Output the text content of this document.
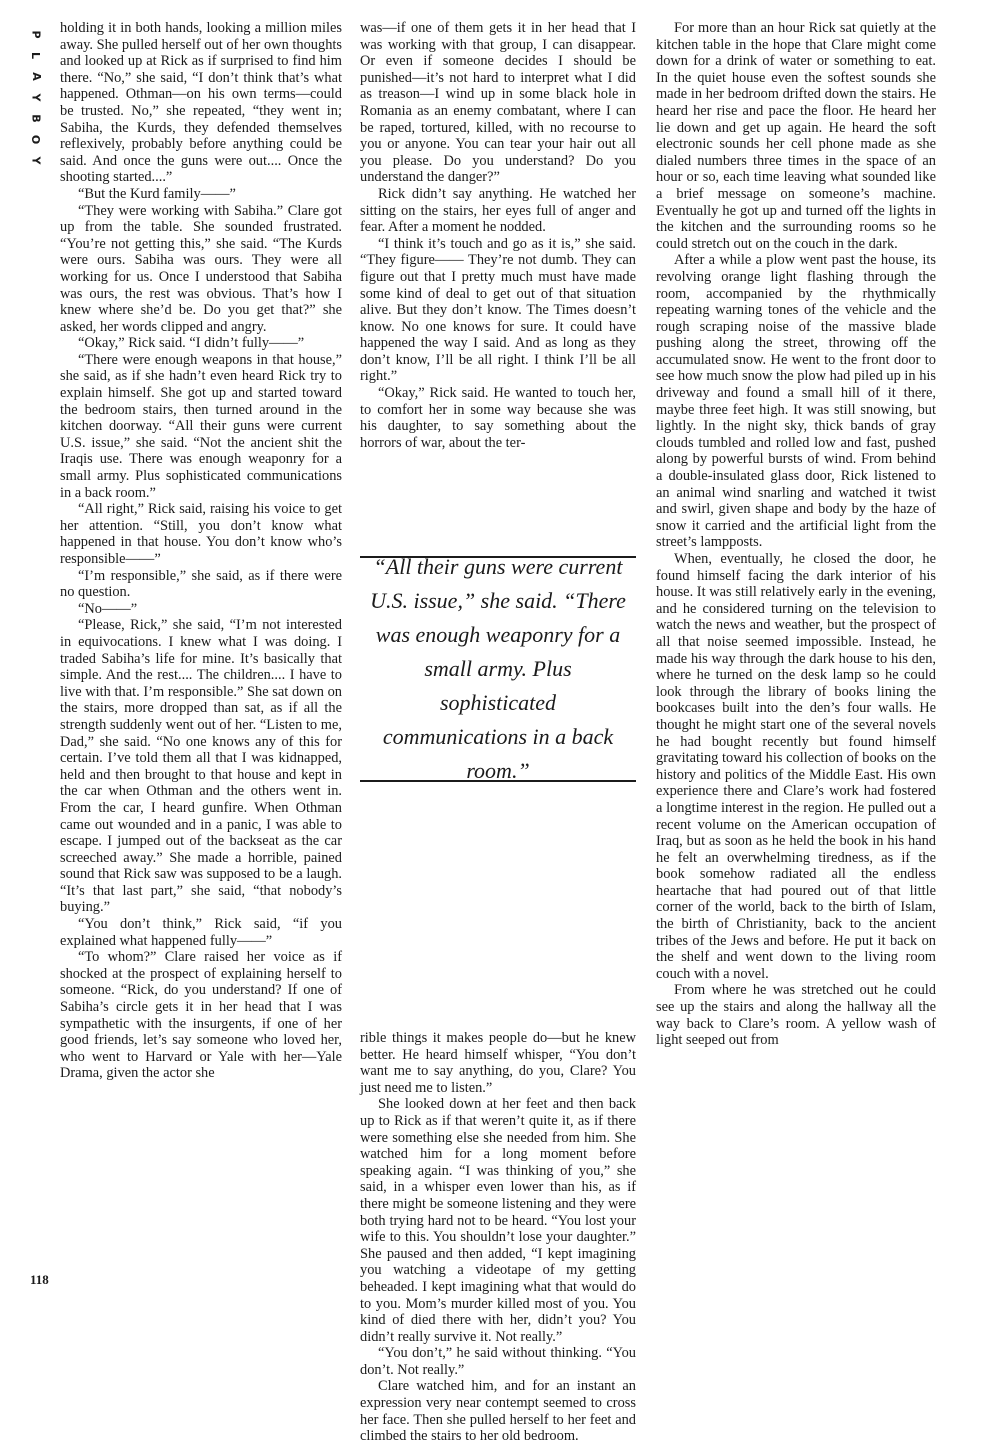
P
L
A
Y
B
O
Y

holding it in both hands, looking a million miles away. She pulled herself out of her own thoughts and looked up at Rick as if surprised to find him there. “No,” she said, “I don’t think that’s what happened. Othman—on his own terms—could be trusted. No,” she repeated, “they went in; Sabiha, the Kurds, they defended themselves reflexively, probably before anything could be said. And once the guns were out.... Once the shooting started....”

“But the Kurd family——”

“They were working with Sabiha.” Clare got up from the table. She sounded frustrated. “You’re not getting this,” she said. “The Kurds were ours. Sabiha was ours. They were all working for us. Once I understood that Sabiha was ours, the rest was obvious. That’s how I knew where she’d be. Do you get that?” she asked, her words clipped and angry.

“Okay,” Rick said. “I didn’t fully——”

“There were enough weapons in that house,” she said, as if she hadn’t even heard Rick try to explain himself. She got up and started toward the bedroom stairs, then turned around in the kitchen doorway. “All their guns were current U.S. issue,” she said. “Not the ancient shit the Iraqis use. There was enough weaponry for a small army. Plus sophisticated communications in a back room.”

“All right,” Rick said, raising his voice to get her attention. “Still, you don’t know what happened in that house. You don’t know who’s responsible——”

“I’m responsible,” she said, as if there were no question.

“No——”

“Please, Rick,” she said, “I’m not interested in equivocations. I knew what I was doing. I traded Sabiha’s life for mine. It’s basically that simple. And the rest.... The children.... I have to live with that. I’m responsible.” She sat down on the stairs, more dropped than sat, as if all the strength suddenly went out of her. “Listen to me, Dad,” she said. “No one knows any of this for certain. I’ve told them all that I was kidnapped, held and then brought to that house and kept in the car when Othman and the others went in. From the car, I heard gunfire. When Othman came out wounded and in a panic, I was able to escape. I jumped out of the backseat as the car screeched away.” She made a horrible, pained sound that Rick saw was supposed to be a laugh. “It’s that last part,” she said, “that nobody’s buying.”

“You don’t think,” Rick said, “if you explained what happened fully——”

“To whom?” Clare raised her voice as if shocked at the prospect of explaining herself to someone. “Rick, do you understand? If one of Sabiha’s circle gets it in her head that I was sympathetic with the insurgents, if one of her good friends, let’s say someone who loved her, who went to Harvard or Yale with her—Yale Drama, given the actor she

was—if one of them gets it in her head that I was working with that group, I can disappear. Or even if someone decides I should be punished—it’s not hard to interpret what I did as treason—I wind up in some black hole in Romania as an enemy combatant, where I can be raped, tortured, killed, with no recourse to you or anyone. You can tear your hair out all you please. Do you understand? Do you understand the danger?”

Rick didn’t say anything. He watched her sitting on the stairs, her eyes full of anger and fear. After a moment he nodded.

“I think it’s touch and go as it is,” she said. “They figure—— They’re not dumb. They can figure out that I pretty much must have made some kind of deal to get out of that situation alive. But they don’t know. The Times doesn’t know. No one knows for sure. It could have happened the way I said. And as long as they don’t know, I’ll be all right. I think I’ll be all right.”

“Okay,” Rick said. He wanted to touch her, to comfort her in some way because she was his daughter, to say something about the horrors of war, about the ter-

“All their guns were current U.S. issue,” she said. “There was enough weaponry for a small army. Plus sophisticated communications in a back room.”

rible things it makes people do—but he knew better. He heard himself whisper, “You don’t want me to say anything, do you, Clare? You just need me to listen.”

She looked down at her feet and then back up to Rick as if that weren’t quite it, as if there were something else she needed from him. She watched him for a long moment before speaking again. “I was thinking of you,” she said, in a whisper even lower than his, as if there might be someone listening and they were both trying hard not to be heard. “You lost your wife to this. You shouldn’t lose your daughter.” She paused and then added, “I kept imagining you watching a videotape of my getting beheaded. I kept imagining what that would do to you. Mom’s murder killed most of you. You kind of died there with her, didn’t you? You didn’t really survive it. Not really.”

“You don’t,” he said without thinking. “You don’t. Not really.”

Clare watched him, and for an instant an expression very near contempt seemed to cross her face. Then she pulled herself to her feet and climbed the stairs to her old bedroom.

For more than an hour Rick sat quietly at the kitchen table in the hope that Clare might come down for a drink of water or something to eat. In the quiet house even the softest sounds she made in her bedroom drifted down the stairs. He heard her rise and pace the floor. He heard her lie down and get up again. He heard the soft electronic sounds her cell phone made as she dialed numbers three times in the space of an hour or so, each time leaving what sounded like a brief message on someone’s machine. Eventually he got up and turned off the lights in the kitchen and the surrounding rooms so he could stretch out on the couch in the dark.

After a while a plow went past the house, its revolving orange light flashing through the room, accompanied by the rhythmically repeating warning tones of the vehicle and the rough scraping noise of the massive blade pushing along the street, throwing off the accumulated snow. He went to the front door to see how much snow the plow had piled up in his driveway and found a small hill of it there, maybe three feet high. It was still snowing, but lightly. In the night sky, thick bands of gray clouds tumbled and rolled low and fast, pushed along by powerful bursts of wind. From behind a double-insulated glass door, Rick listened to an animal wind snarling and watched it twist and swirl, given shape and body by the haze of snow it carried and the artificial light from the street’s lampposts.

When, eventually, he closed the door, he found himself facing the dark interior of his house. It was still relatively early in the evening, and he considered turning on the television to watch the news and weather, but the prospect of all that noise seemed impossible. Instead, he made his way through the dark house to his den, where he turned on the desk lamp so he could look through the library of books lining the bookcases built into the den’s four walls. He thought he might start one of the several novels he had bought recently but found himself gravitating toward his collection of books on the history and politics of the Middle East. His own experience there and Clare’s work had fostered a longtime interest in the region. He pulled out a recent volume on the American occupation of Iraq, but as soon as he held the book in his hand he felt an overwhelming tiredness, as if the book somehow radiated all the endless heartache that had poured out of that little corner of the world, back to the birth of Islam, the birth of Christianity, back to the ancient tribes of the Jews and before. He put it back on the shelf and went down to the living room couch with a novel.

From where he was stretched out he could see up the stairs and along the hallway all the way back to Clare’s room. A yellow wash of light seeped out from

118
